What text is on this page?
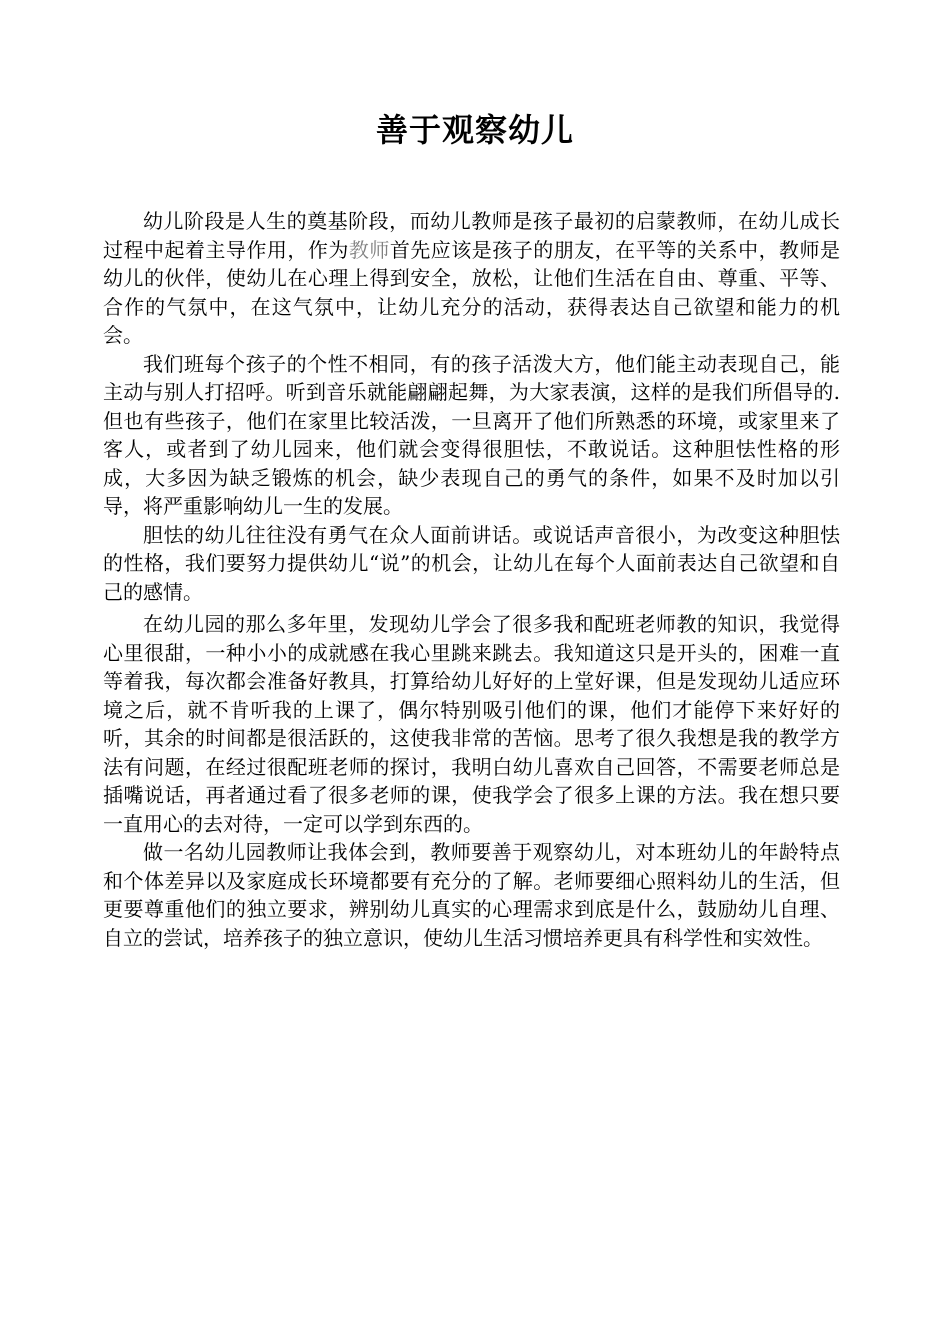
善于观察幼儿

幼儿阶段是人生的奠基阶段，而幼儿教师是孩子最初的启蒙教师，在幼儿成长过程中起着主导作用，作为教师首先应该是孩子的朋友，在平等的关系中，教师是幼儿的伙伴，使幼儿在心理上得到安全，放松，让他们生活在自由、尊重、平等、合作的气氛中，在这气氛中，让幼儿充分的活动，获得表达自己欲望和能力的机会。

我们班每个孩子的个性不相同，有的孩子活泼大方，他们能主动表现自己，能主动与别人打招呼。听到音乐就能翩翩起舞，为大家表演，这样的是我们所倡导的.但也有些孩子，他们在家里比较活泼，一旦离开了他们所熟悉的环境，或家里来了客人，或者到了幼儿园来，他们就会变得很胆怯，不敢说话。这种胆怯性格的形成，大多因为缺乏锻炼的机会，缺少表现自己的勇气的条件，如果不及时加以引导，将严重影响幼儿一生的发展。

胆怯的幼儿往往没有勇气在众人面前讲话。或说话声音很小，为改变这种胆怯的性格，我们要努力提供幼儿“说”的机会，让幼儿在每个人面前表达自己欲望和自己的感情。

在幼儿园的那么多年里，发现幼儿学会了很多我和配班老师教的知识，我觉得心里很甜，一种小小的成就感在我心里跳来跳去。我知道这只是开头的，困难一直等着我，每次都会准备好教具，打算给幼儿好好的上堂好课，但是发现幼儿适应环境之后，就不肯听我的上课了，偶尔特别吸引他们的课，他们才能停下来好好的听，其余的时间都是很活跃的，这使我非常的苦恼。思考了很久我想是我的教学方法有问题，在经过很配班老师的探讨，我明白幼儿喜欢自己回答，不需要老师总是插嘴说话，再者通过看了很多老师的课，使我学会了很多上课的方法。我在想只要一直用心的去对待，一定可以学到东西的。

做一名幼儿园教师让我体会到，教师要善于观察幼儿，对本班幼儿的年龄特点和个体差异以及家庭成长环境都要有充分的了解。老师要细心照料幼儿的生活，但更要尊重他们的独立要求，辨别幼儿真实的心理需求到底是什么，鼓励幼儿自理、自立的尝试，培养孩子的独立意识，使幼儿生活习惯培养更具有科学性和实效性。
